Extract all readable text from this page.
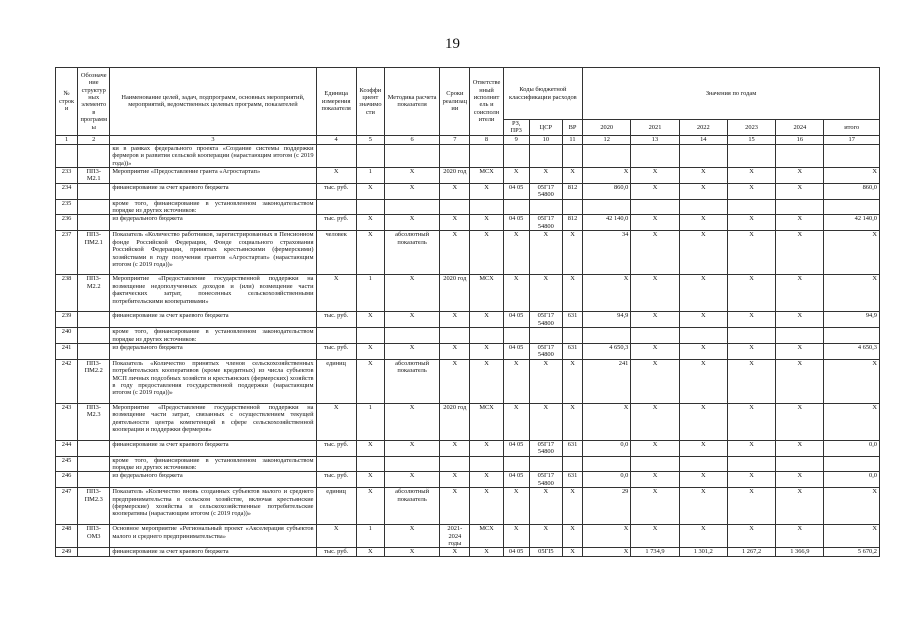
19
№ строки	Обозначение структурных элементов программы	Наименование целей, задач, подпрограмм, основных мероприятий, мероприятий, ведомственных целевых программ, показателей	Единица измерения показателя	Коэффициент значимости	Методика расчета показателя	Сроки реализации	Ответственный исполнитель и соисполнители	Коды бюджетной классификации расходов			Значения по годам					
								РЗ, ПР3	ЦСР	ВР	2020	2021	2022	2023	2024	итого
1	2	3	4	5	6	7	8	9	10	11	12	13	14	15	16	17
		ки в рамках федерального проекта «Создание системы поддержки фермеров и развития сельской кооперации (нарастающим итогом (с 2019 года))»														
233	ПП3-М2.1	Мероприятие «Предоставление гранта «Агростартап»	X	1	X	2020 год	МСХ	X	X	X	X	X	X	X	X	X
234		финансирование за счет краевого бюджета	тыс. руб.	X	X	X	X	04 05	05Г17 54800	812	860,0	X	X	X	X	860,0
235		кроме того, финансирование в установленном законодательством порядке из других источников:														
236		из федерального бюджета	тыс. руб.	X	X	X	X	04 05	05Г17 54800	812	42 140,0	X	X	X	X	42 140,0
237	ПП3-ПМ2.1	Показатель «Количество работников, зарегистрированных в Пенсионном фонде Российской Федерации, Фонде социального страхования Российской Федерации, принятых крестьянскими (фермерскими) хозяйствами в году получения грантов «Агростартап» (нарастающим итогом (с 2019 года))»	человек	X	абсолютный показатель	X	X	X	X	X	34	X	X	X	X	X
238	ПП3-М2.2	Мероприятие «Предоставление государственной поддержки на возмещение недополученных доходов и (или) возмещение части фактических затрат, понесенных сельскохозяйственными потребительскими кооперативами»	X	1	X	2020 год	МСХ	X	X	X	X	X	X	X	X	X
239		финансирование за счет краевого бюджета	тыс. руб.	X	X	X	X	04 05	05Г17 54800	631	94,9	X	X	X	X	94,9
240		кроме того, финансирование в установленном законодательством порядке из других источников:														
241		из федерального бюджета	тыс. руб.	X	X	X	X	04 05	05Г17 54800	631	4 650,3	X	X	X	X	4 650,3
242	ПП3-ПМ2.2	Показатель «Количество принятых членов сельскохозяйственных потребительских кооперативов (кроме кредитных) из числа субъектов МСП личных подсобных хозяйств и крестьянских (фермерских) хозяйств в году предоставления государственной поддержки (нарастающим итогом (с 2019 года))»	единиц	X	абсолютный показатель	X	X	X	X	X	241	X	X	X	X	X
243	ПП3-М2.3	Мероприятие «Предоставление государственной поддержки на возмещение части затрат, связанных с осуществлением текущей деятельности центра компетенций в сфере сельскохозяйственной кооперации и поддержки фермеров»	X	1	X	2020 год	МСХ	X	X	X	X	X	X	X	X	X
244		финансирование за счет краевого бюджета	тыс. руб.	X	X	X	X	04 05	05Г17 54800	631	0,0	X	X	X	X	0,0
245		кроме того, финансирование в установленном законодательством порядке из других источников:														
246		из федерального бюджета	тыс. руб.	X	X	X	X	04 05	05Г17 54800	631	0,0	X	X	X	X	0,0
247	ПП3-ПМ2.3	Показатель «Количество вновь созданных субъектов малого и среднего предпринимательства в сельском хозяйстве, включая крестьянские (фермерские) хозяйства и сельскохозяйственные потребительские кооперативы (нарастающим итогом (с 2019 года))»	единиц	X	абсолютный показатель	X	X	X	X	X	29	X	X	X	X	X
248	ПП3-ОМ3	Основное мероприятие «Региональный проект «Акселерация субъектов малого и среднего предпринимательства»	X	1	X	2021-2024 годы	МСХ	X	X	X	X	X	X	X	X	X
249		финансирование за счет краевого бюджета	тыс. руб.	X	X	X	X	04 05	05ГI5	X	X	1 734,9	1 301,2	1 267,2	1 366,9	5 670,2
